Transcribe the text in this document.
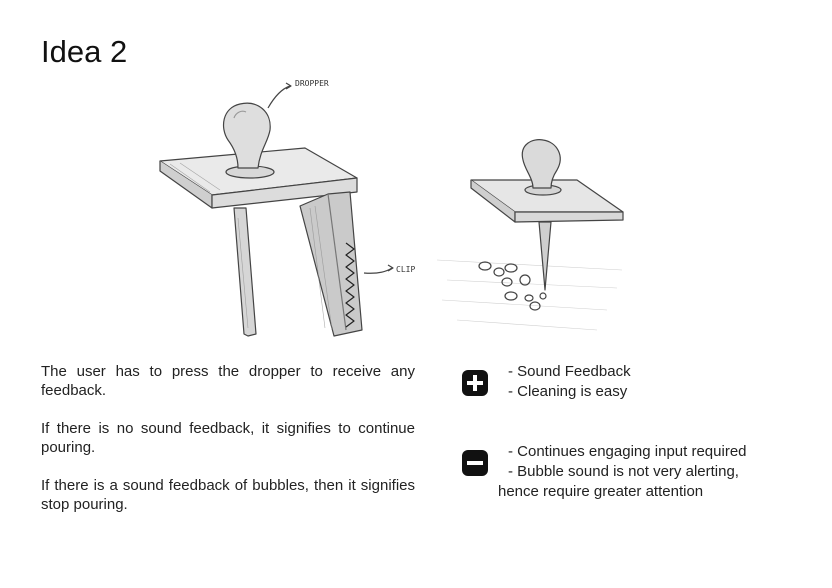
Idea 2
DROPPER
CLIP

The user has to press the dropper to receive any feedback.

If there is no sound feedback, it signifies to continue pouring.

If there is a sound feedback of bubbles, then it signifies stop pouring.

- Sound Feedback
- Cleaning is easy
- Continues engaging input required
- Bubble sound is not very alerting,
hence require greater attention
